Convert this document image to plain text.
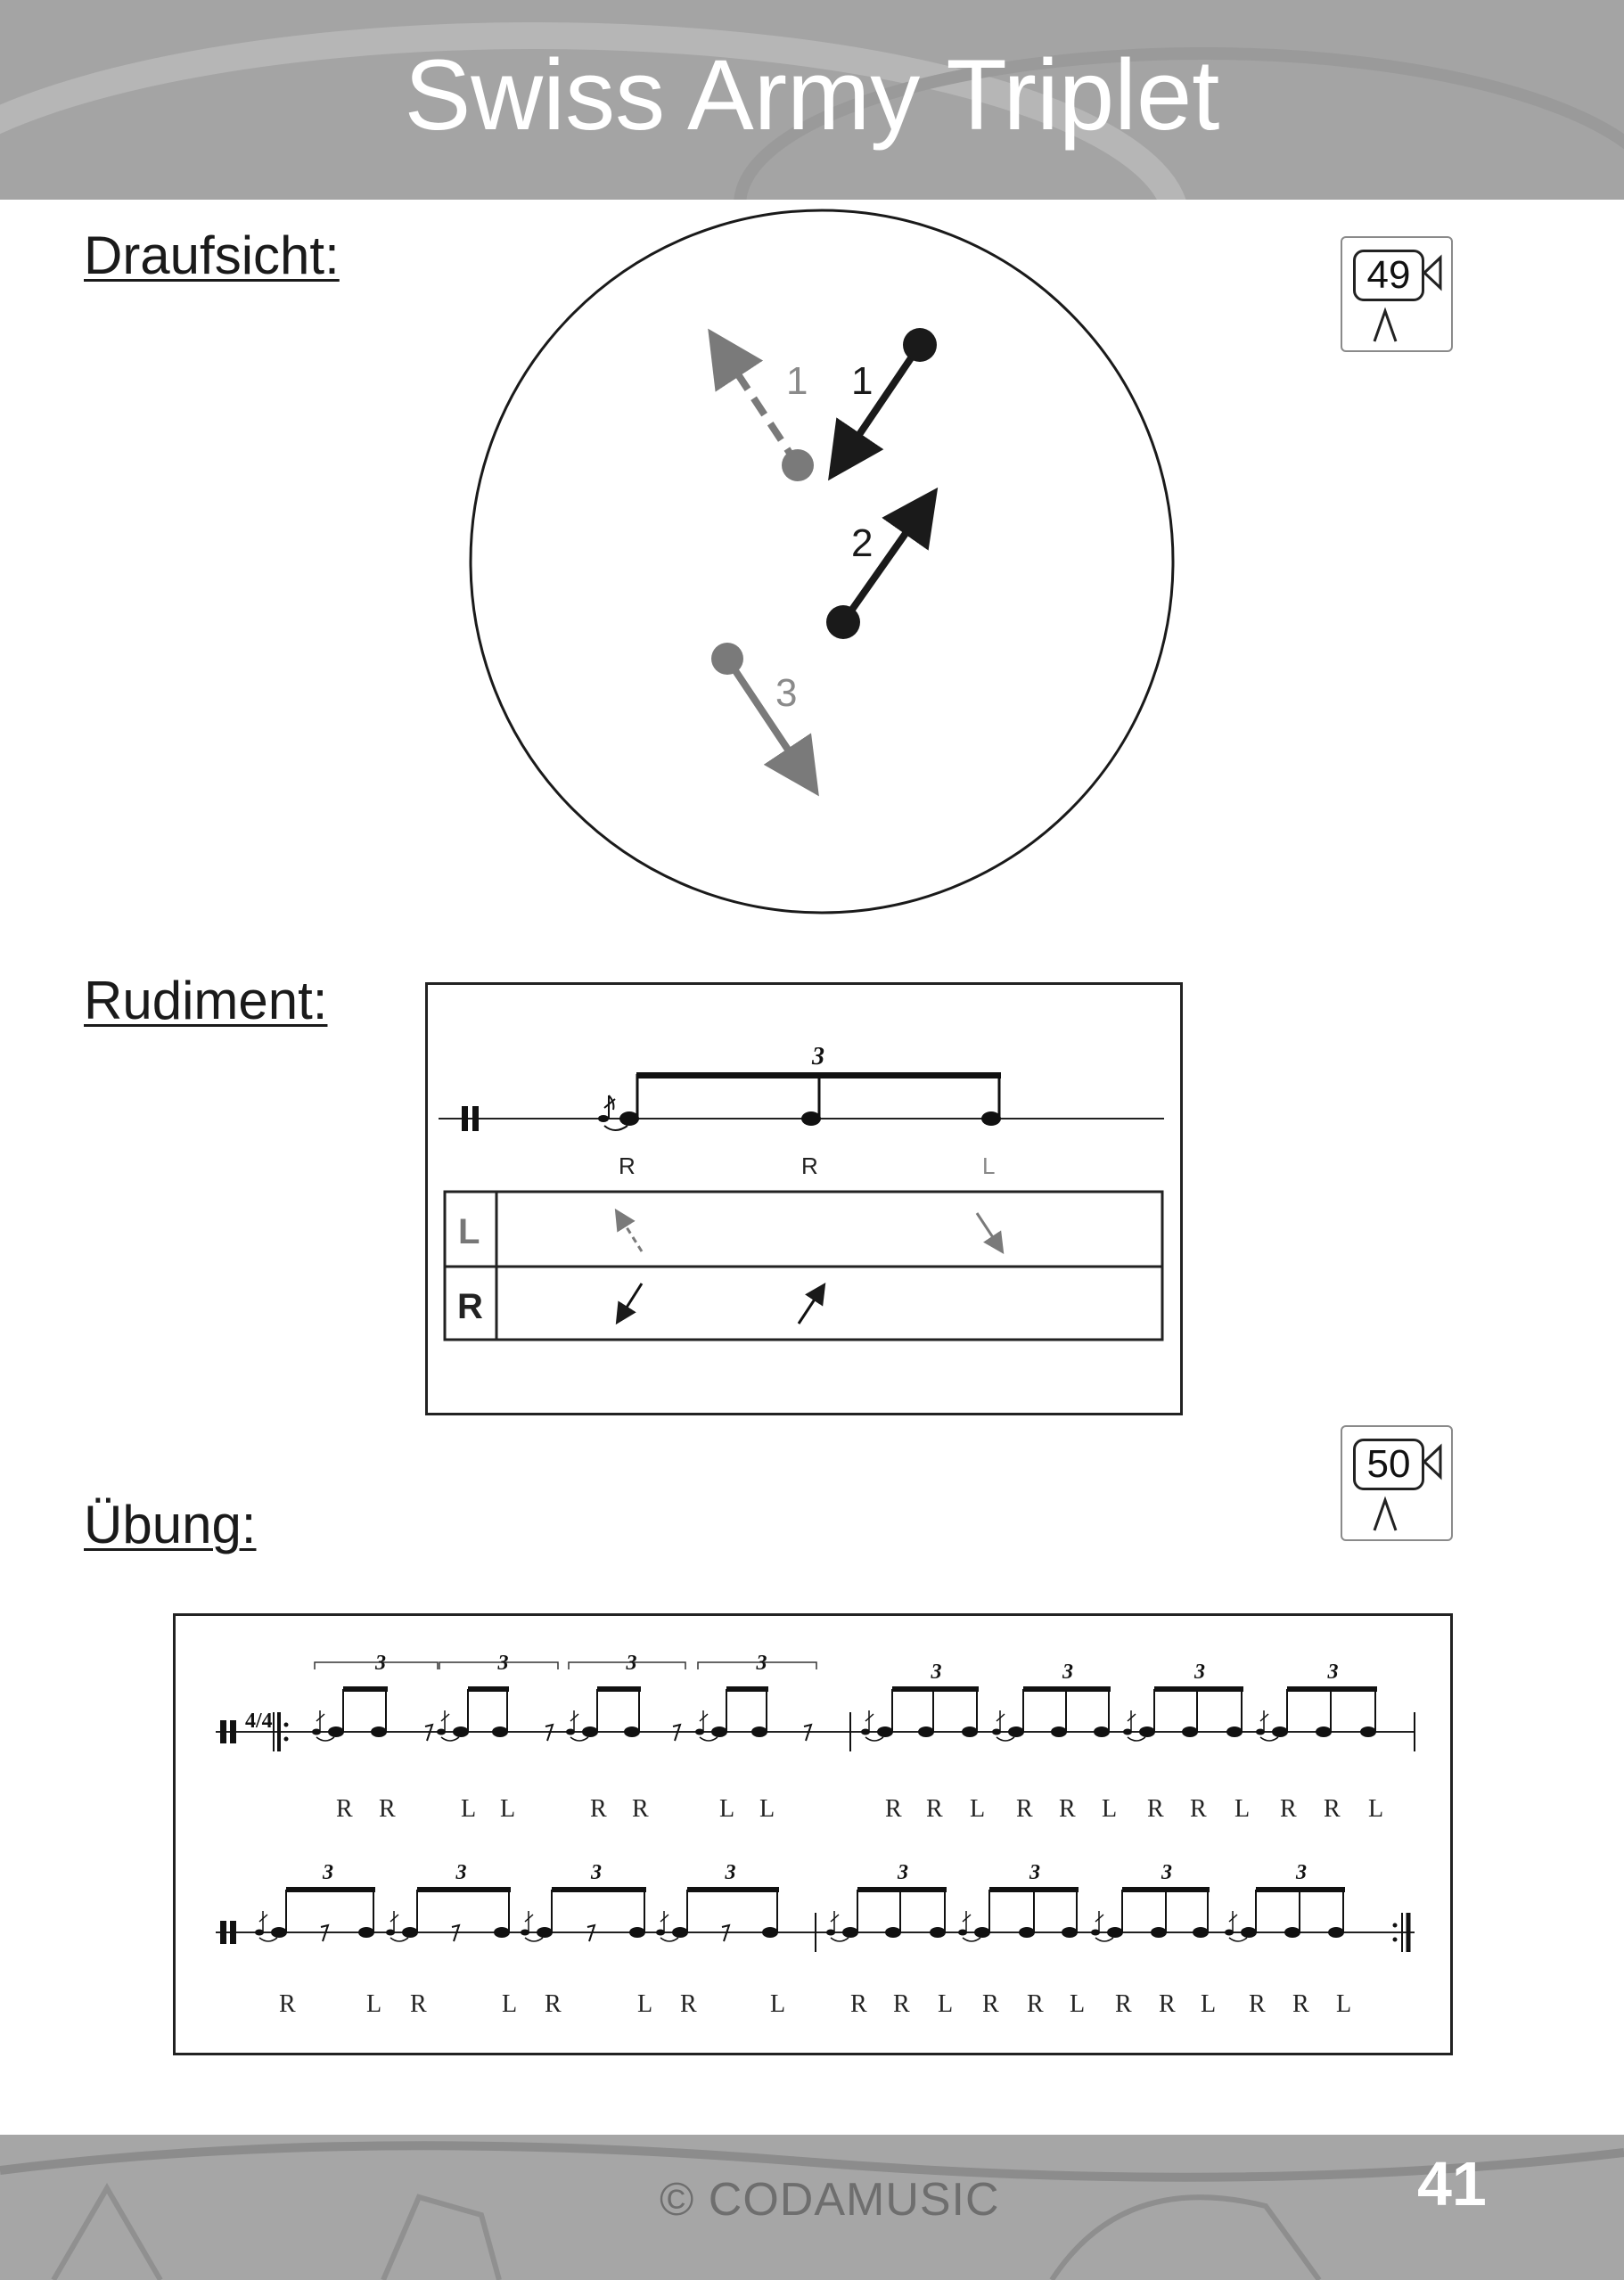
Swiss Army Triplet
Draufsicht:
Rudiment:
Übung:
49
50
1 1
2
3
3
R	R	L
L
R
4/4
3	3	3	3	3	3	3	3
3	3	3	3	3	3	3	3
R R	L L	R R	L L	R R L R R L R R L R R L
R	L R	L R	L R	L	R R L R R L R R L R R L
© CODAMUSIC	41
